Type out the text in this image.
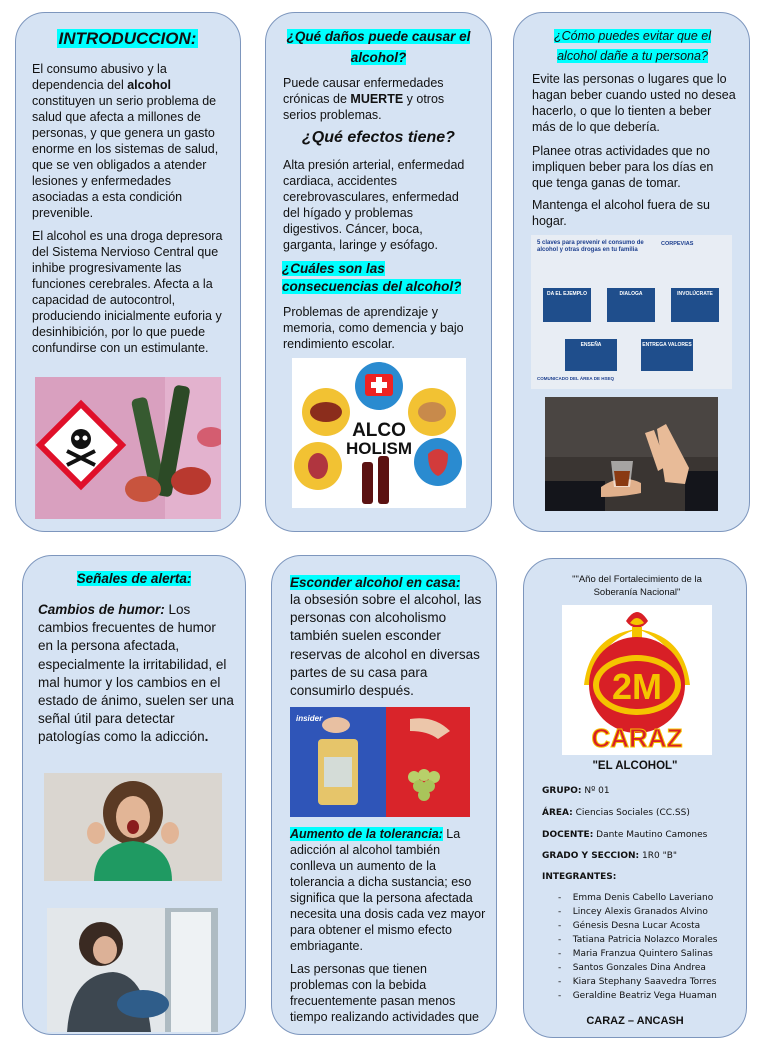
INTRODUCCION:

El consumo abusivo y la dependencia del alcohol constituyen un serio problema de salud que afecta a millones de personas, y que genera un gasto enorme en los sistemas de salud, que se ven obligados a atender lesiones y enfermedades asociadas a esta condición prevenible.

El alcohol es una droga depresora del Sistema Nervioso Central que inhibe progresivamente las funciones cerebrales. Afecta a la capacidad de autocontrol, produciendo inicialmente euforia y desinhibición, por lo que puede confundirse con un estimulante.

¿Qué daños puede causar el alcohol?

Puede causar enfermedades crónicas de MUERTE y otros serios problemas.

¿Qué efectos tiene?

Alta presión arterial, enfermedad cardiaca, accidentes cerebrovasculares, enfermedad del hígado y problemas digestivos. Cáncer, boca, garganta, laringe y esófago.

¿Cuáles son las consecuencias del alcohol?

Problemas de aprendizaje y memoria, como demencia y bajo rendimiento escolar.

ALCO
HOLISM
¿Cómo puedes evitar que el alcohol dañe a tu persona?

Evite las personas o lugares que lo hagan beber cuando usted no desea hacerlo, o que lo tienten a beber más de lo que debería.

Planee otras actividades que no impliquen beber para los días en que tenga ganas de tomar.

Mantenga el alcohol fuera de su hogar.

5 claves para prevenir el consumo de alcohol y otras drogas en tu familia
CORPEVIAS
DA EL EJEMPLO	DIALOGA	INVOLÚCRATE
ENSEÑA	ENTREGA VALORES
COMUNICADO DEL ÁREA DE HSEQ
Señales de alerta:

Cambios de humor: Los cambios frecuentes de humor en la persona afectada, especialmente la irritabilidad, el mal humor y los cambios en el estado de ánimo, suelen ser una señal útil para detectar patologías como la adicción.

Esconder alcohol en casa:

la obsesión sobre el alcohol, las personas con alcoholismo también suelen esconder reservas de alcohol en diversas partes de su casa para consumirlo después.

insider

Aumento de la tolerancia: La adicción al alcohol también conlleva un aumento de la tolerancia a dicha sustancia; eso significa que la persona afectada necesita una dosis cada vez mayor para obtener el mismo efecto embriagante.

Las personas que tienen problemas con la bebida frecuentemente pasan menos tiempo realizando actividades que

""Año del Fortalecimiento de la Soberanía Nacional"
2M
CARAZ
"EL ALCOHOL"
GRUPO: Nº 01
ÁREA: Ciencias Sociales (CC.SS)
DOCENTE: Dante Mautino Camones
GRADO Y SECCION: 1R0 "B"
INTEGRANTES:
-    Emma Denis Cabello Laveriano
-    Lincey Alexis Granados Alvino
-    Génesis Desna Lucar Acosta
-    Tatiana Patricia Nolazco Morales
-    Maria Franzua Quintero Salinas
-    Santos Gonzales Dina Andrea
-    Kiara Stephany Saavedra Torres
-    Geraldine Beatriz Vega Huaman
CARAZ – ANCASH
